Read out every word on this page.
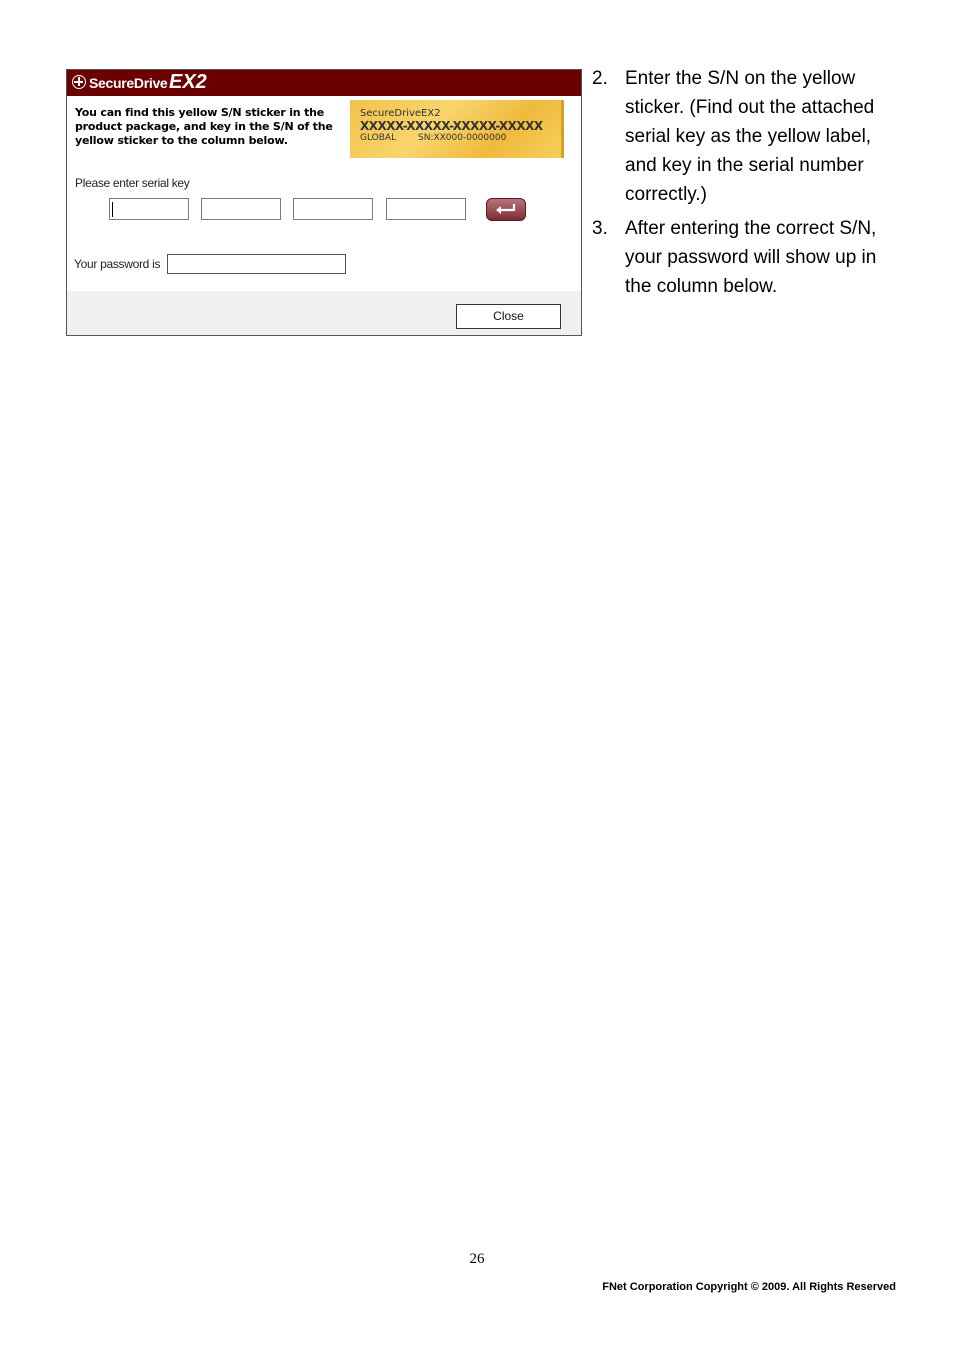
SecureDrive EX2
You can find this yellow S/N sticker in the product package, and key in the S/N of the yellow sticker to the column below.
SecureDriveEX2
XXXXX-XXXXX-XXXXX-XXXXX
GLOBAL SN:XX000-0000000
Please enter serial key
Your password is
Close
2. Enter the S/N on the yellow sticker. (Find out the attached serial key as the yellow label, and key in the serial number correctly.)
3. After entering the correct S/N, your password will show up in the column below.
26
FNet Corporation Copyright © 2009. All Rights Reserved
